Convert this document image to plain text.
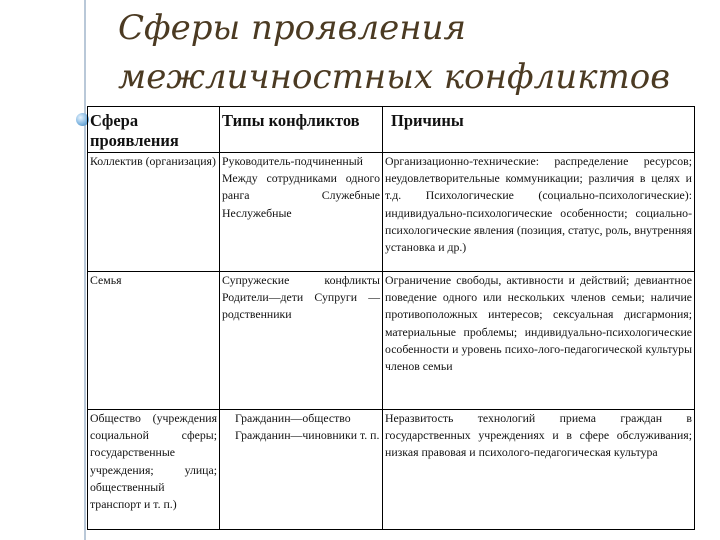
Сферы проявления
межличностных конфликтов
Сфера проявления	Типы конфликтов	Причины
Коллектив (организация)	Руководитель-подчиненный Между сотрудниками одного ранга Служебные Неслужебные	Организационно-технические: распределение ресурсов; неудовлетворительные коммуникации; различия в целях и т.д. Психологические (социально-психологические): индивидуально-психологические особенности; социально-психологические явления (позиция, статус, роль, внутренняя установка и др.)
Семья	Супружеские конфликты Родители—дети Супруги —родственники	Ограничение свободы, активности и действий; девиантное поведение одного или нескольких членов семьи; наличие противоположных интересов; сексуальная дисгармония; материальные проблемы; индивидуально-психологические особенности и уровень психо-лого-педагогической культуры членов семьи
Общество (учреждения социальной сферы; государственные учреждения; улица; общественный транспорт и т. п.)	Гражданин—общество Гражданин—чиновники т. п.	Неразвитость технологий приема граждан в государственных учреждениях и в сфере обслуживания; низкая правовая и психолого-педагогическая культура
